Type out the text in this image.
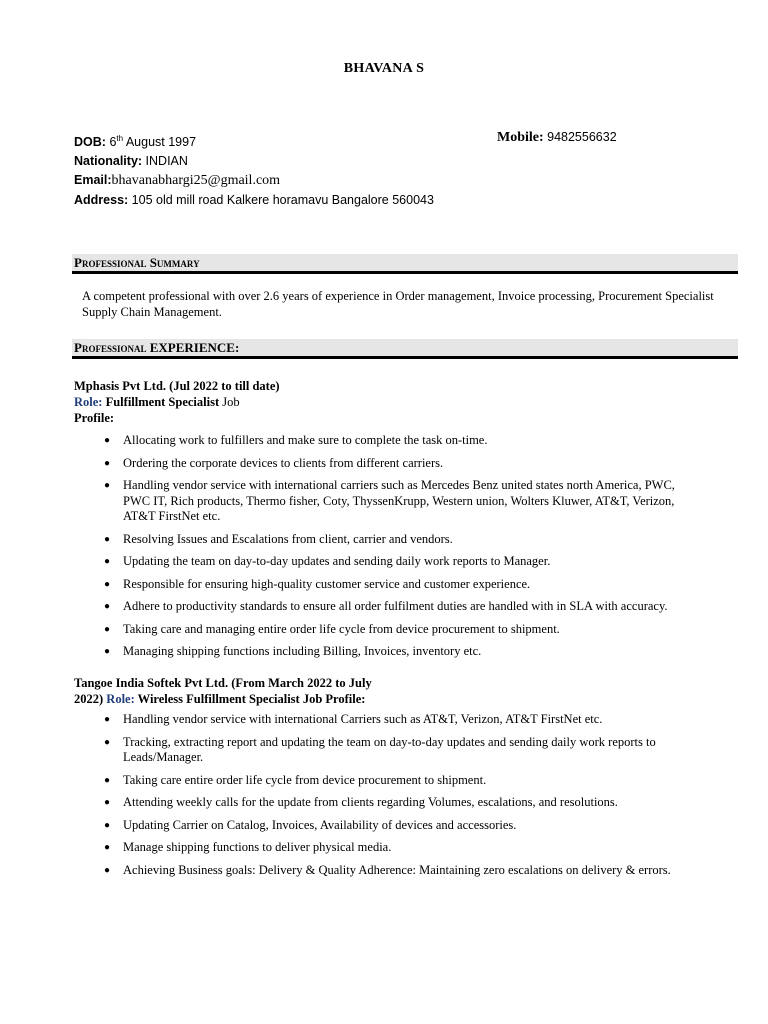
BHAVANA S
DOB: 6th August 1997
Nationality: INDIAN
Email:bhavanabhargi25@gmail.com
Address: 105 old mill road Kalkere horamavu Bangalore 560043
Mobile: 9482556632
Professional Summary
A competent professional with over 2.6 years of experience in Order management, Invoice processing, Procurement Specialist Supply Chain Management.
Professional EXPERIENCE:
Mphasis Pvt Ltd. (Jul 2022 to till date)
Role: Fulfillment Specialist Job
Profile:
● Allocating work to fulfillers and make sure to complete the task on-time.
● Ordering the corporate devices to clients from different carriers.
● Handling vendor service with international carriers such as Mercedes Benz united states north America, PWC, PWC IT, Rich products, Thermo fisher, Coty, ThyssenKrupp, Western union, Wolters Kluwer, AT&T, Verizon, AT&T FirstNet etc.
● Resolving Issues and Escalations from client, carrier and vendors.
● Updating the team on day-to-day updates and sending daily work reports to Manager.
● Responsible for ensuring high-quality customer service and customer experience.
● Adhere to productivity standards to ensure all order fulfilment duties are handled with in SLA with accuracy.
● Taking care and managing entire order life cycle from device procurement to shipment.
● Managing shipping functions including Billing, Invoices, inventory etc.
Tangoe India Softek Pvt Ltd. (From March 2022 to July
2022) Role: Wireless Fulfillment Specialist Job Profile:
● Handling vendor service with international Carriers such as AT&T, Verizon, AT&T FirstNet etc.
● Tracking, extracting report and updating the team on day-to-day updates and sending daily work reports to Leads/Manager.
● Taking care entire order life cycle from device procurement to shipment.
● Attending weekly calls for the update from clients regarding Volumes, escalations, and resolutions.
● Updating Carrier on Catalog, Invoices, Availability of devices and accessories.
● Manage shipping functions to deliver physical media.
● Achieving Business goals: Delivery & Quality Adherence: Maintaining zero escalations on delivery & errors.
